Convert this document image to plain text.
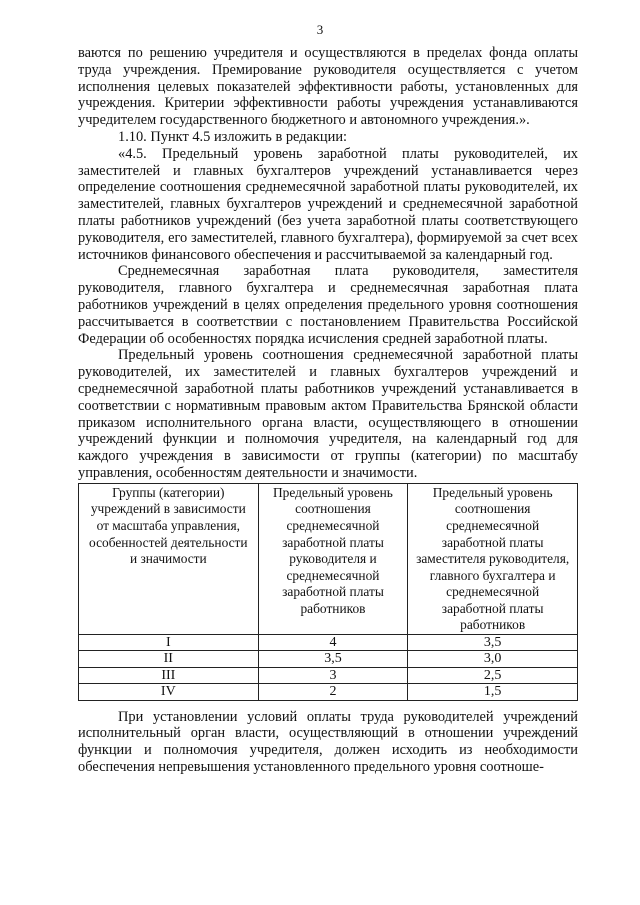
3

ваются по решению учредителя и осуществляются в пределах фонда оплаты труда учреждения. Премирование руководителя осуществляется с учетом исполнения целевых показателей эффективности работы, установленных для учреждения. Критерии эффективности работы учреждения устанавливаются учредителем государственного бюджетного и автономного учреждения.».

1.10. Пункт 4.5 изложить в редакции:

«4.5. Предельный уровень заработной платы руководителей, их заместителей и главных бухгалтеров учреждений устанавливается через определение соотношения среднемесячной заработной платы руководителей, их заместителей, главных бухгалтеров учреждений и среднемесячной заработной платы работников учреждений (без учета заработной платы соответствующего руководителя, его заместителей, главного бухгалтера), формируемой за счет всех источников финансового обеспечения и рассчитываемой за календарный год.

Среднемесячная заработная плата руководителя, заместителя руководителя, главного бухгалтера и среднемесячная заработная плата работников учреждений в целях определения предельного уровня соотношения рассчитывается в соответствии с постановлением Правительства Российской Федерации об особенностях порядка исчисления средней заработной платы.

Предельный уровень соотношения среднемесячной заработной платы руководителей, их заместителей и главных бухгалтеров учреждений и среднемесячной заработной платы работников учреждений устанавливается в соответствии с нормативным правовым актом Правительства Брянской области приказом исполнительного органа власти, осуществляющего в отношении учреждений функции и полномочия учредителя, на календарный год для каждого учреждения в зависимости от группы (категории) по масштабу управления, особенностям деятельности и значимости.

Группы (категории) учреждений в зависимости от масштаба управления, особенностей деятельности и значимости	Предельный уровень соотношения среднемесячной заработной платы руководителя и среднемесячной заработной платы работников	Предельный уровень соотношения среднемесячной заработной платы заместителя руководителя, главного бухгалтера и среднемесячной заработной платы работников
I	4	3,5
II	3,5	3,0
III	3	2,5
IV	2	1,5

При установлении условий оплаты труда руководителей учреждений исполнительный орган власти, осуществляющий в отношении учреждений функции и полномочия учредителя, должен исходить из необходимости обеспечения непревышения установленного предельного уровня соотноше-
